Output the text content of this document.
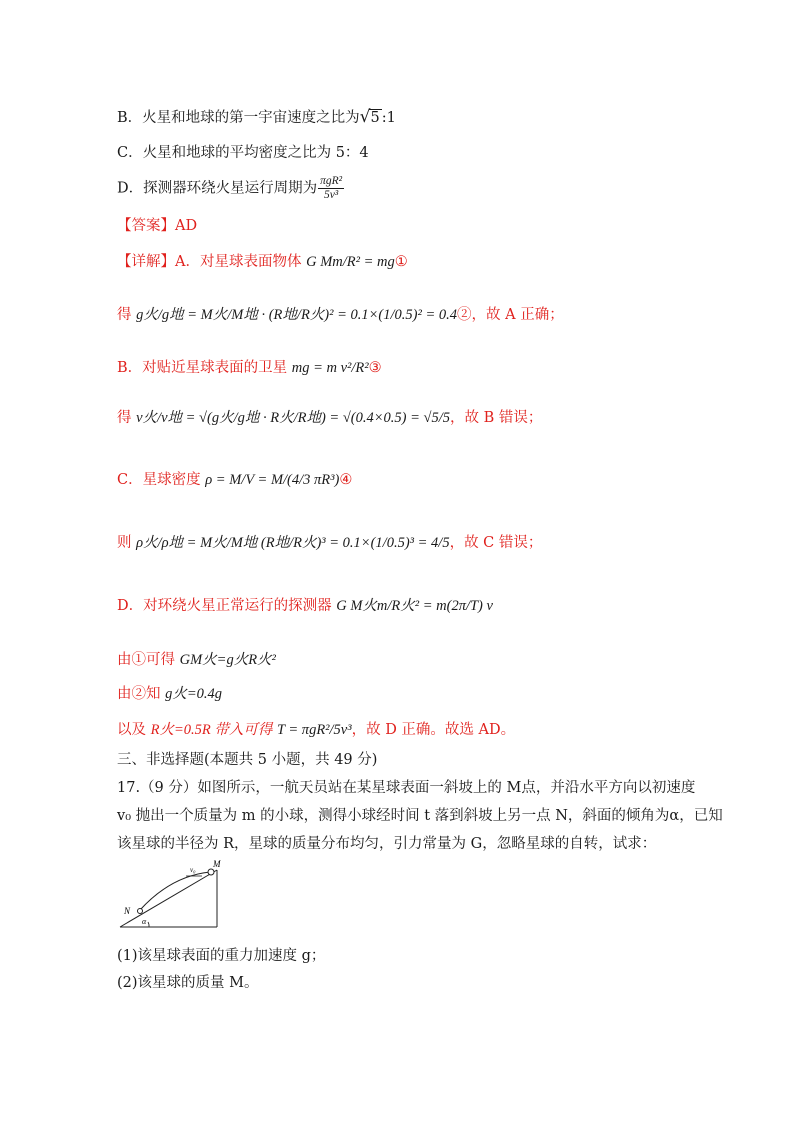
B．火星和地球的第一宇宙速度之比为√5 :1
C．火星和地球的平均密度之比为 5：4
D．探测器环绕火星运行周期为 $\frac{\text{πgR²}}{\text{5v³}}$
【答案】AD
【详解】A．对星球表面物体 G Mm/R² = mg①
得 g火/g地 = M火/M地 · (R地/R火)² = 0.1×(1/0.5)² = 0.4②，故 A 正确；
B．对贴近星球表面的卫星 mg = m v²/R²③
得 v火/v地 = √(g火/g地 · R火/R地) = √(0.4×0.5) = √5/5，故 B 错误；
C．星球密度 ρ = M/V = M/(4/3 πR³)④
则 ρ火/ρ地 = M火/M地 (R地/R火)³ = 0.1×(1/0.5)³ = 4/5，故 C 错误；
D．对环绕火星正常运行的探测器 G M火m/R火² = m(2π/T) v
由①可得 GM火=g火R火²
由②知 g火=0.4g
以及 R火=0.5R 带入可得 T = πgR²/5v³，故 D 正确。故选 AD。
三、非选择题(本题共 5 小题，共 49 分)
17.（9 分）如图所示，一航天员站在某星球表面一斜坡上的 M点，并沿水平方向以初速度
v₀ 抛出一个质量为 m 的小球，测得小球经时间 t 落到斜坡上另一点 N，斜面的倾角为α，已知
该星球的半径为 R，星球的质量分布均匀，引力常量为 G，忽略星球的自转，试求：
M
v₀
N
α
(1)该星球表面的重力加速度 g；
(2)该星球的质量 M。
